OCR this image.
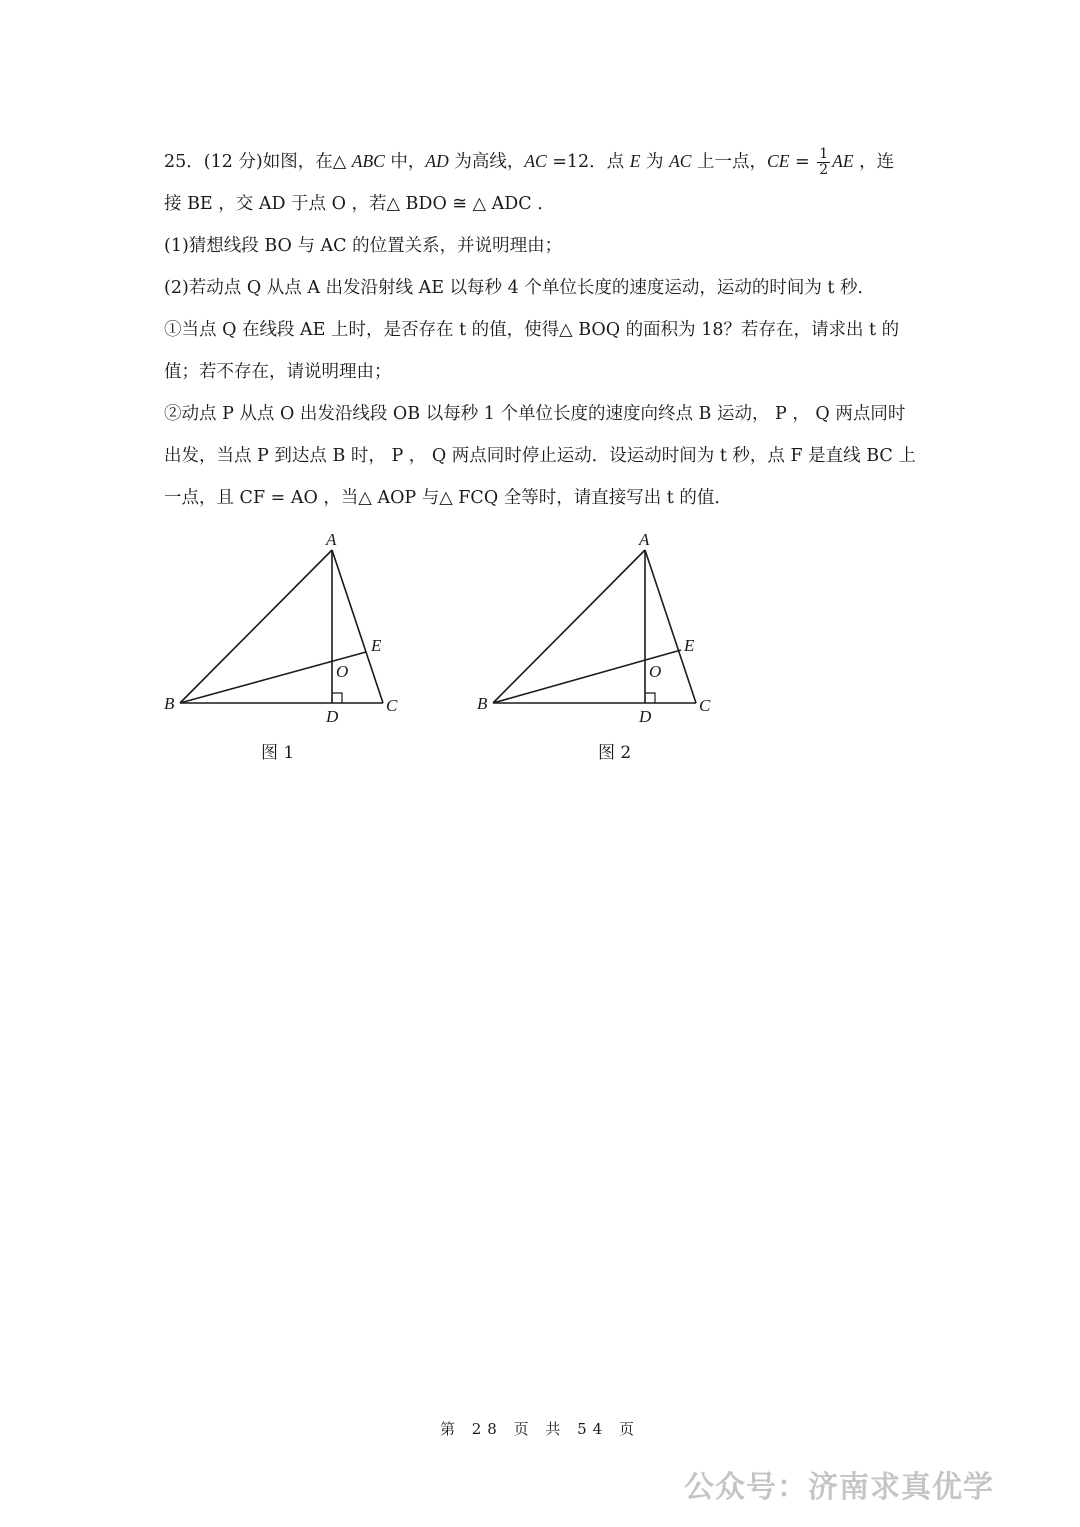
25．(12 分)如图，在△ ABC 中，AD 为高线，AC =12．点 E 为 AC 上一点，CE = $\frac{1}{2}$ AE ，连

接 BE ，交 AD 于点 O ，若△ BDO ≅ △ ADC ．

(1)猜想线段 BO 与 AC 的位置关系，并说明理由；

(2)若动点 Q 从点 A 出发沿射线 AE 以每秒 4 个单位长度的速度运动，运动的时间为 t 秒．

①当点 Q 在线段 AE 上时，是否存在 t 的值，使得△ BOQ 的面积为 18？若存在，请求出 t 的

值；若不存在，请说明理由；

②动点 P 从点 O 出发沿线段 OB 以每秒 1 个单位长度的速度向终点 B 运动， P ， Q 两点同时

出发，当点 P 到达点 B 时， P ， Q 两点同时停止运动．设运动时间为 t 秒，点 F 是直线 BC 上

一点，且 CF = AO ，当△ AOP 与△ FCQ 全等时，请直接写出 t 的值．

A
B	C
D
E
O
图 1
A
B	C
D
E
O
图 2
第 28 页 共 54 页
公众号：济南求真优学
